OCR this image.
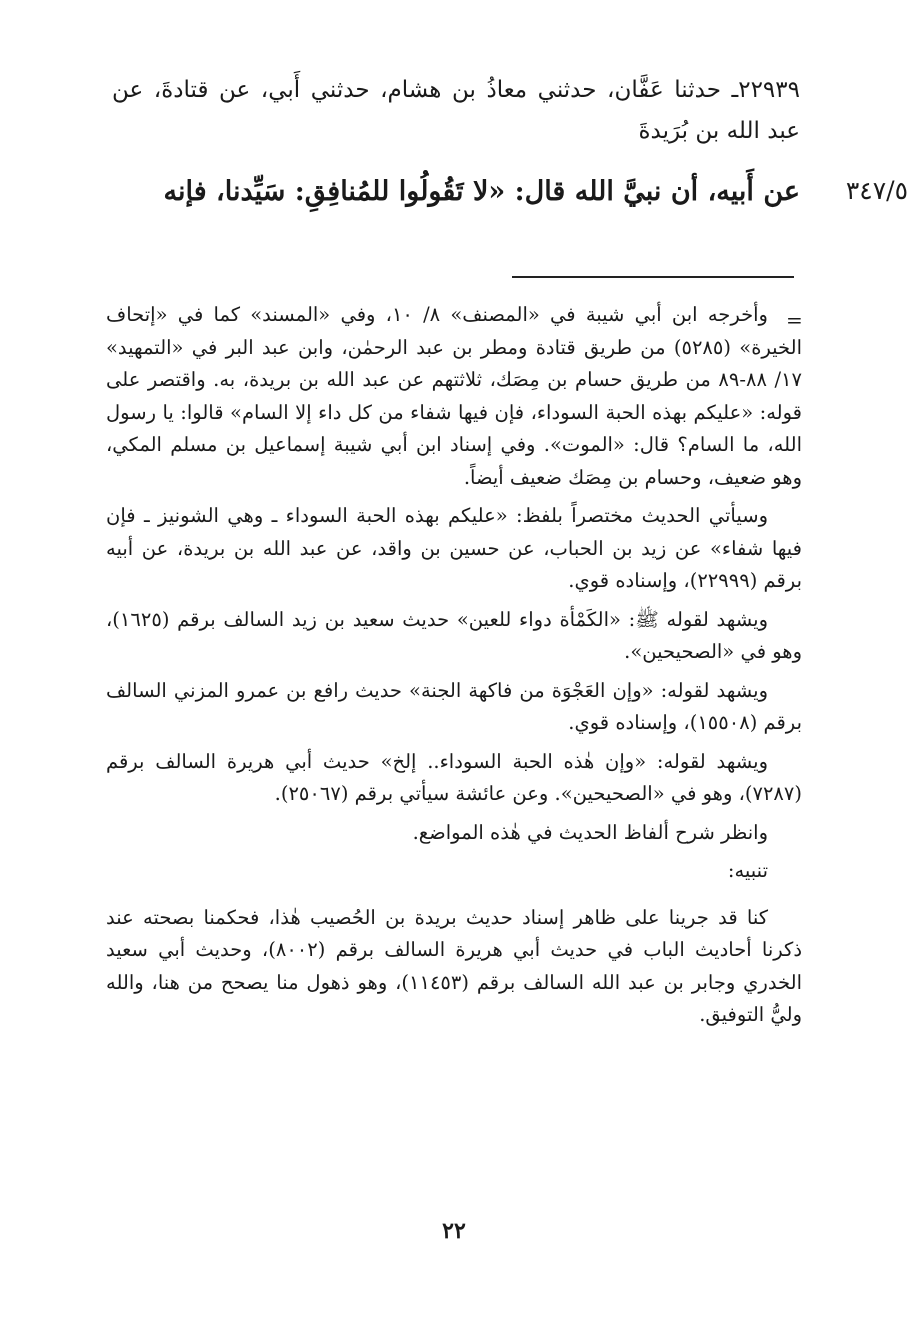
٢٢٩٣٩ـ حدثنا عَفَّان، حدثني معاذُ بن هشام، حدثني أَبي، عن قتادةَ، عن عبد الله بن بُرَيدةَ

عن أَبيه، أن نبيَّ الله قال: «لا تَقُولُوا للمُنافِقِ: سَيِّدنا، فإنه	٣٤٧/٥
=

وأخرجه ابن أبي شيبة في «المصنف» ٨/ ١٠، وفي «المسند» كما في «إتحاف الخيرة» (٥٢٨٥) من طريق قتادة ومطر بن عبد الرحمٰن، وابن عبد البر في «التمهيد» ١٧/ ٨٨-٨٩ من طريق حسام بن مِصَك، ثلاثتهم عن عبد الله بن بريدة، به. واقتصر على قوله: «عليكم بهذه الحبة السوداء، فإن فيها شفاء من كل داء إلا السام» قالوا: يا رسول الله، ما السام؟ قال: «الموت». وفي إسناد ابن أبي شيبة إسماعيل بن مسلم المكي، وهو ضعيف، وحسام بن مِصَك ضعيف أيضاً.

وسيأتي الحديث مختصراً بلفظ: «عليكم بهذه الحبة السوداء ـ وهي الشونيز ـ فإن فيها شفاء» عن زيد بن الحباب، عن حسين بن واقد، عن عبد الله بن بريدة، عن أبيه برقم (٢٢٩٩٩)، وإسناده قوي.

ويشهد لقوله ﷺ: «الكَمْأة دواء للعين» حديث سعيد بن زيد السالف برقم (١٦٢٥)، وهو في «الصحيحين».

ويشهد لقوله: «وإن العَجْوَة من فاكهة الجنة» حديث رافع بن عمرو المزني السالف برقم (١٥٥٠٨)، وإسناده قوي.

ويشهد لقوله: «وإن هٰذه الحبة السوداء.. إلخ» حديث أبي هريرة السالف برقم (٧٢٨٧)، وهو في «الصحيحين». وعن عائشة سيأتي برقم (٢٥٠٦٧).

وانظر شرح ألفاظ الحديث في هٰذه المواضع.

تنبيه:

كنا قد جرينا على ظاهر إسناد حديث بريدة بن الحُصيب هٰذا، فحكمنا بصحته عند ذكرنا أحاديث الباب في حديث أبي هريرة السالف برقم (٨٠٠٢)، وحديث أبي سعيد الخدري وجابر بن عبد الله السالف برقم (١١٤٥٣)، وهو ذهول منا يصحح من هنا، والله وليُّ التوفيق.

٢٢
